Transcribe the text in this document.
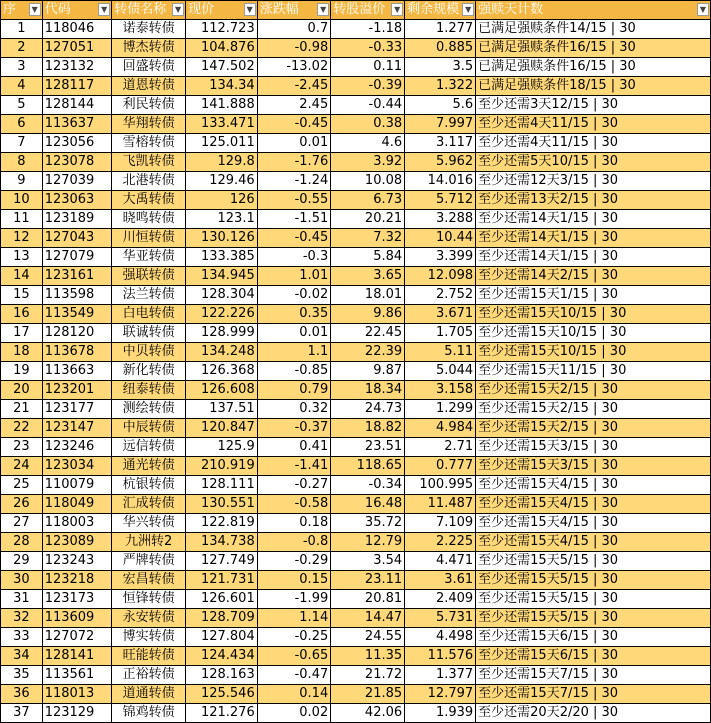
序 ▼	代码 ▼	转债名称 ▼	现价 ▼	涨跌幅 ▼	转股溢价 ▼	剩余规模 ▼	强赎天计数 ▼

1	118046	诺泰转债	112.723	0.7	-1.18	1.277	已满足强赎条件14/15 | 30
2	127051	博杰转债	104.876	-0.98	-0.33	0.885	已满足强赎条件16/15 | 30
3	123132	回盛转债	147.502	-13.02	0.11	3.5	已满足强赎条件16/15 | 30
4	128117	道恩转债	134.34	-2.45	-0.39	1.322	已满足强赎条件18/15 | 30
5	128144	利民转债	141.888	2.45	-0.44	5.6	至少还需3天12/15 | 30
6	113637	华翔转债	133.471	-0.45	0.38	7.997	至少还需4天11/15 | 30
7	123056	雪榕转债	125.011	0.01	4.6	3.117	至少还需4天11/15 | 30
8	123078	飞凯转债	129.8	-1.76	3.92	5.962	至少还需5天10/15 | 30
9	127039	北港转债	129.46	-1.24	10.08	14.016	至少还需12天3/15 | 30
10	123063	大禹转债	126	-0.55	6.73	5.712	至少还需13天2/15 | 30
11	123189	晓鸣转债	123.1	-1.51	20.21	3.288	至少还需14天1/15 | 30
12	127043	川恒转债	130.126	-0.45	7.32	10.44	至少还需14天1/15 | 30
13	127079	华亚转债	133.385	-0.3	5.84	3.399	至少还需14天1/15 | 30
14	123161	强联转债	134.945	1.01	3.65	12.098	至少还需14天2/15 | 30
15	113598	法兰转债	128.304	-0.02	18.01	2.752	至少还需15天1/15 | 30
16	113549	白电转债	122.226	0.35	9.86	3.671	至少还需15天10/15 | 30
17	128120	联诚转债	128.999	0.01	22.45	1.705	至少还需15天10/15 | 30
18	113678	中贝转债	134.248	1.1	22.39	5.11	至少还需15天10/15 | 30
19	113663	新化转债	126.368	-0.85	9.87	5.044	至少还需15天11/15 | 30
20	123201	纽泰转债	126.608	0.79	18.34	3.158	至少还需15天2/15 | 30
21	123177	测绘转债	137.51	0.32	24.73	1.299	至少还需15天2/15 | 30
22	123147	中辰转债	120.847	-0.37	18.82	4.984	至少还需15天2/15 | 30
23	123246	远信转债	125.9	0.41	23.51	2.71	至少还需15天3/15 | 30
24	123034	通光转债	210.919	-1.41	118.65	0.777	至少还需15天3/15 | 30
25	110079	杭银转债	128.111	-0.27	-0.34	100.995	至少还需15天4/15 | 30
26	118049	汇成转债	130.551	-0.58	16.48	11.487	至少还需15天4/15 | 30
27	118003	华兴转债	122.819	0.18	35.72	7.109	至少还需15天4/15 | 30
28	123089	九洲转2	134.738	-0.8	12.79	2.225	至少还需15天4/15 | 30
29	123243	严牌转债	127.749	-0.29	3.54	4.471	至少还需15天5/15 | 30
30	123218	宏昌转债	121.731	0.15	23.11	3.61	至少还需15天5/15 | 30
31	123173	恒锋转债	126.601	-1.99	20.81	2.409	至少还需15天5/15 | 30
32	113609	永安转债	128.709	1.14	14.47	5.731	至少还需15天5/15 | 30
33	127072	博实转债	127.804	-0.25	24.55	4.498	至少还需15天6/15 | 30
34	128141	旺能转债	124.434	-0.65	11.35	11.576	至少还需15天6/15 | 30
35	113561	正裕转债	128.163	-0.47	21.72	1.377	至少还需15天7/15 | 30
36	118013	道通转债	125.546	0.14	21.85	12.797	至少还需15天7/15 | 30
37	123129	锦鸡转债	121.276	0.02	42.06	1.939	至少还需20天2/20 | 30
